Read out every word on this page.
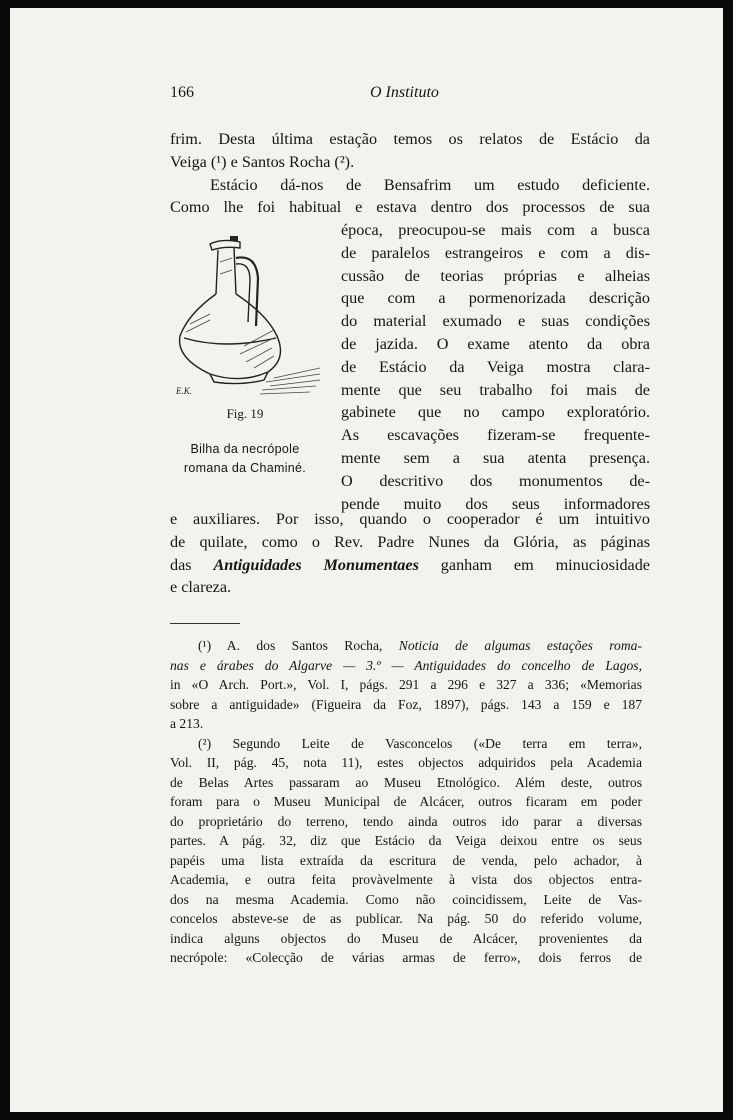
166	O Instituto
frim. Desta última estação temos os relatos de Estácio da
Veiga (¹) e Santos Rocha (²).
Estácio dá-nos de Bensafrim um estudo deficiente.
Como lhe foi habitual e estava dentro dos processos de sua
época, preocupou-se mais com a busca
de paralelos estrangeiros e com a dis-
cussão de teorias próprias e alheias
que com a pormenorizada descrição
do material exumado e suas condições
de jazida. O exame atento da obra
de Estácio da Veiga mostra clara-
mente que seu trabalho foi mais de
gabinete que no campo exploratório.
As escavações fizeram-se frequente-
mente sem a sua atenta presença.
O descritivo dos monumentos de-
pende muito dos seus informadores
E.K.
Fig. 19
Bilha da necrópole
romana da Chaminé.
e auxiliares. Por isso, quando o cooperador é um intuitivo
de quilate, como o Rev. Padre Nunes da Glória, as páginas
das Antiguidades Monumentaes ganham em minuciosidade
e clareza.
(¹) A. dos Santos Rocha, Noticia de algumas estações roma-
nas e árabes do Algarve — 3.º — Antiguidades do concelho de Lagos,
in «O Arch. Port.», Vol. I, págs. 291 a 296 e 327 a 336; «Memorias
sobre a antiguidade» (Figueira da Foz, 1897), págs. 143 a 159 e 187
a 213.
(²) Segundo Leite de Vasconcelos («De terra em terra»,
Vol. II, pág. 45, nota 11), estes objectos adquiridos pela Academia
de Belas Artes passaram ao Museu Etnológico. Além deste, outros
foram para o Museu Municipal de Alcácer, outros ficaram em poder
do proprietário do terreno, tendo ainda outros ido parar a diversas
partes. A pág. 32, diz que Estácio da Veiga deixou entre os seus
papéis uma lista extraída da escritura de venda, pelo achador, à
Academia, e outra feita provàvelmente à vista dos objectos entra-
dos na mesma Academia. Como não coincidissem, Leite de Vas-
concelos absteve-se de as publicar. Na pág. 50 do referido volume,
indica alguns objectos do Museu de Alcácer, provenientes da
necrópole: «Colecção de várias armas de ferro», dois ferros de
